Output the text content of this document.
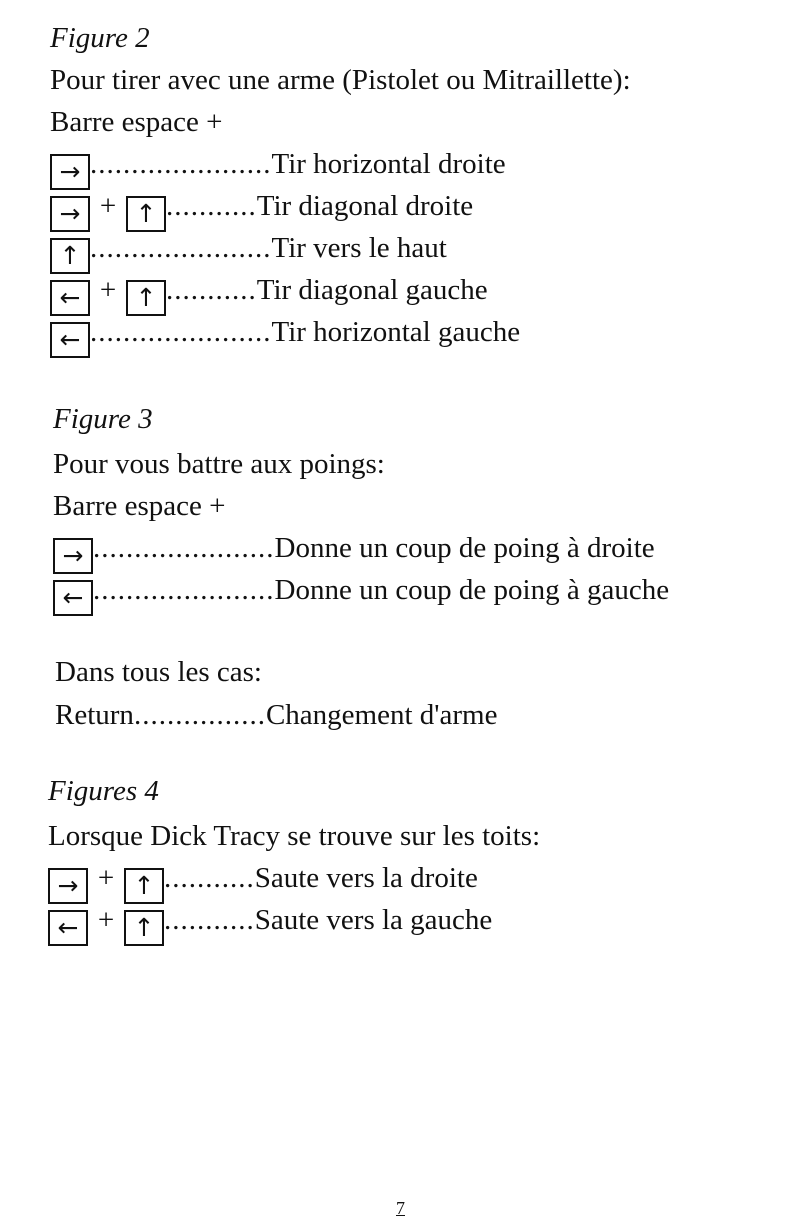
Figure 2
Pour tirer avec une arme (Pistolet ou Mitraillette):
Barre espace +
→ ......................Tir horizontal droite
→ + ↑ ...........Tir diagonal droite
↑ ......................Tir vers le haut
← + ↑ ...........Tir diagonal gauche
← ......................Tir horizontal gauche
Figure 3
Pour vous battre aux poings:
Barre espace +
→ ......................Donne un coup de poing à droite
← ......................Donne un coup de poing à gauche
Dans tous les cas:
Return................Changement d'arme
Figures 4
Lorsque Dick Tracy se trouve sur les toits:
→ + ↑ ...........Saute vers la droite
← + ↑ ...........Saute vers la gauche
7
